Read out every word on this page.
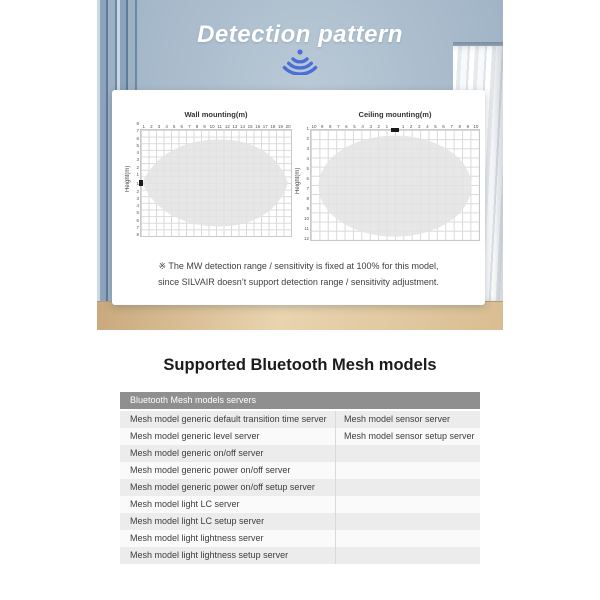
Detection pattern
Wall mounting(m)
Height(m)
8
7
6
5
4
3
2
1
1
2
3
4
5
6
7
8
1	2	3	4	5	6	7	8	9 10 11 12 13 14 15 16 17 18 19 20
Ceiling mounting(m)
Height(m)
1
2
3
4
5
6
7
8
9
10
11
12
10 9	8	7	6	5	4	3	2	1	1	2	3	4	5	6	7	8	9 10
※ The MW detection range / sensitivity is fixed at 100% for this model,
since SILVAIR doesn’t support detection range / sensitivity adjustment.
Supported Bluetooth Mesh models
Bluetooth Mesh models servers
Mesh model generic default transition time server	Mesh model sensor server
Mesh model generic level server	Mesh model sensor setup server
Mesh model generic on/off server
Mesh model generic power on/off server
Mesh model generic power on/off setup server
Mesh model light LC server
Mesh model light LC setup server
Mesh model light lightness server
Mesh model light lightness setup server
